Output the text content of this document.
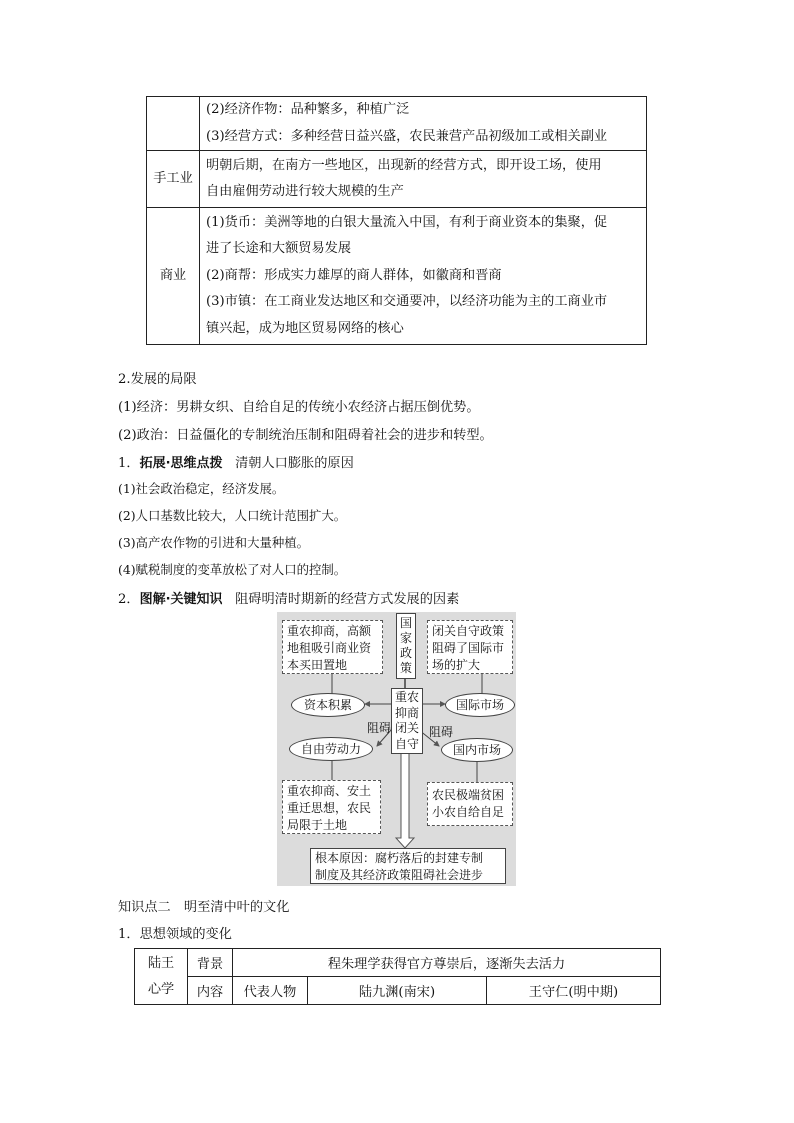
	(2)经济作物：品种繁多，种植广泛
(3)经营方式：多种经营日益兴盛，农民兼营产品初级加工或相关副业

手工业	明朝后期，在南方一些地区，出现新的经营方式，即开设工场，使用
自由雇佣劳动进行较大规模的生产

商业	(1)货币：美洲等地的白银大量流入中国，有利于商业资本的集聚，促
进了长途和大额贸易发展
(2)商帮：形成实力雄厚的商人群体，如徽商和晋商
(3)市镇：在工商业发达地区和交通要冲，以经济功能为主的工商业市
镇兴起，成为地区贸易网络的核心
2.发展的局限
(1)经济：男耕女织、自给自足的传统小农经济占据压倒优势。
(2)政治：日益僵化的专制统治压制和阻碍着社会的进步和转型。
1．拓展·思维点拨 清朝人口膨胀的原因
(1)社会政治稳定，经济发展。
(2)人口基数比较大，人口统计范围扩大。
(3)高产农作物的引进和大量种植。
(4)赋税制度的变革放松了对人口的控制。
2．图解·关键知识 阻碍明清时期新的经营方式发展的因素
重农抑商，高额
地租吸引商业资
本买田置地
闭关自守政策
阻碍了国际市
场的扩大
国
家
政
策
重农
抑商
闭关
自守
资本积累
自由劳动力
国际市场
国内市场
阻碍	阻碍
重农抑商、安土
重迁思想，农民
局限于土地
农民极端贫困
小农自给自足
根本原因：腐朽落后的封建专制
制度及其经济政策阻碍社会进步
知识点二　明至清中叶的文化
1．思想领域的变化
陆王
心学	背景	程朱理学获得官方尊崇后，逐渐失去活力		
	内容	代表人物	陆九渊(南宋)	王守仁(明中期)
